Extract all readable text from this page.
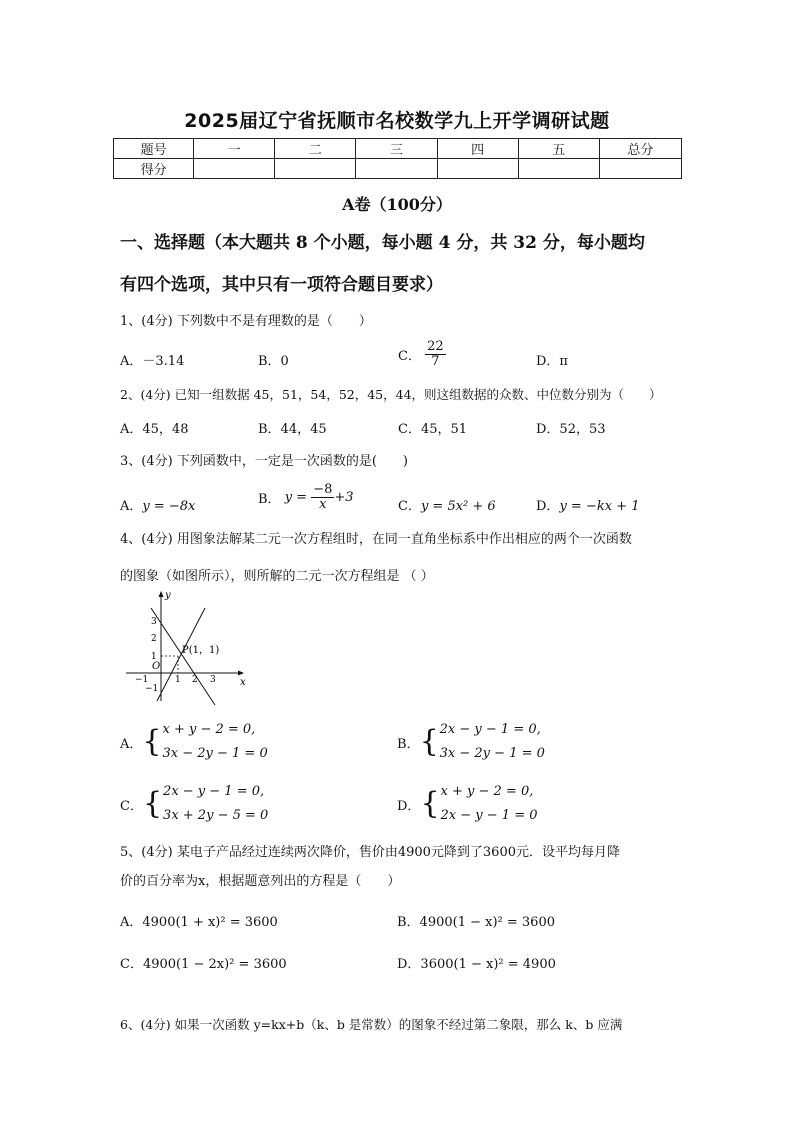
2025届辽宁省抚顺市名校数学九上开学调研试题
题号	一	二	三	四	五	总分
得分						
A卷（100分）
一、选择题（本大题共 8 个小题，每小题 4 分，共 32 分，每小题均
有四个选项，其中只有一项符合题目要求）
1、(4分) 下列数中不是有理数的是（　　）
A．－3.14	B．0	C． $\frac{22}{7}$	D．π
2、(4分) 已知一组数据 45，51，54，52，45，44，则这组数据的众数、中位数分别为（　　）
A．45，48	B．44，45	C．45，51	D．52，53
3、(4分) 下列函数中，一定是一次函数的是(　　)
A．y = −8x	B． $y = \frac{-8}{x} +3$
C．y = 5x² + 6	D．y = −kx + 1
4、(4分) 用图象法解某二元一次方程组时，在同一直角坐标系中作出相应的两个一次函数
的图象（如图所示），则所解的二元一次方程组是 （ ）
y
x
O
P(1，1)
−1	1 2 3
3
2
1
−1
A． { x + y − 2 = 0,
3x − 2y − 1 = 0
B． { 2x − y − 1 = 0,
3x − 2y − 1 = 0
C． { 2x − y − 1 = 0,
3x + 2y − 5 = 0
D． { x + y − 2 = 0,
2x − y − 1 = 0
5、(4分) 某电子产品经过连续两次降价，售价由4900元降到了3600元．设平均每月降
价的百分率为x，根据题意列出的方程是（　　）
A．4900(1 + x)² = 3600	B．4900(1 − x)² = 3600
C．4900(1 − 2x)² = 3600	D．3600(1 − x)² = 4900
6、(4分) 如果一次函数 y=kx+b（k、b 是常数）的图象不经过第二象限，那么 k、b 应满
